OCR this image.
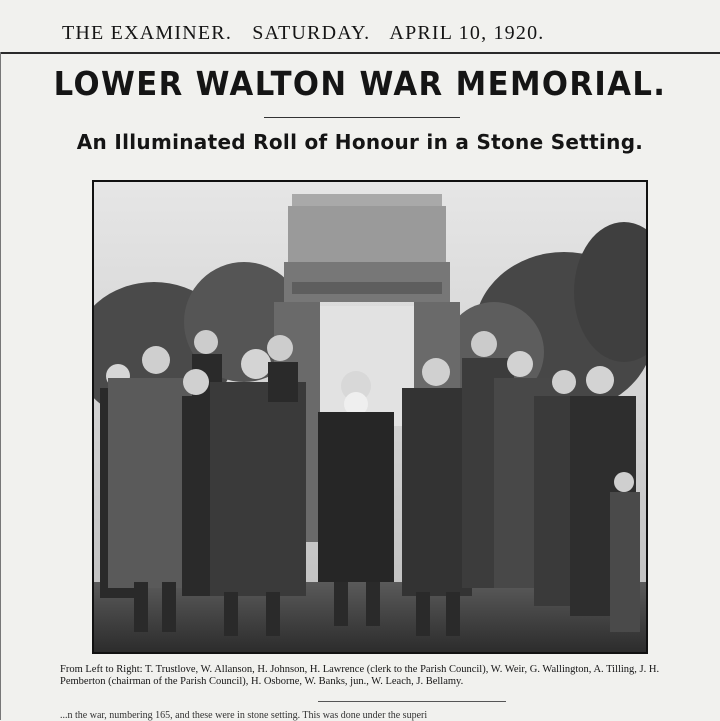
THE EXAMINER. SATURDAY. APRIL 10, 1920.
LOWER WALTON WAR MEMORIAL.
An Illuminated Roll of Honour in a Stone Setting.
From Left to Right: T. Trustlove, W. Allanson, H. Johnson, H. Lawrence (clerk to the Parish Council), W. Weir, G. Wallington, A. Tilling, J. H. Pemberton (chairman of the Parish Council), H. Osborne, W. Banks, jun., W. Leach, J. Bellamy.
...n the war, numbering 165, and these were in stone setting. This was done under the superi
